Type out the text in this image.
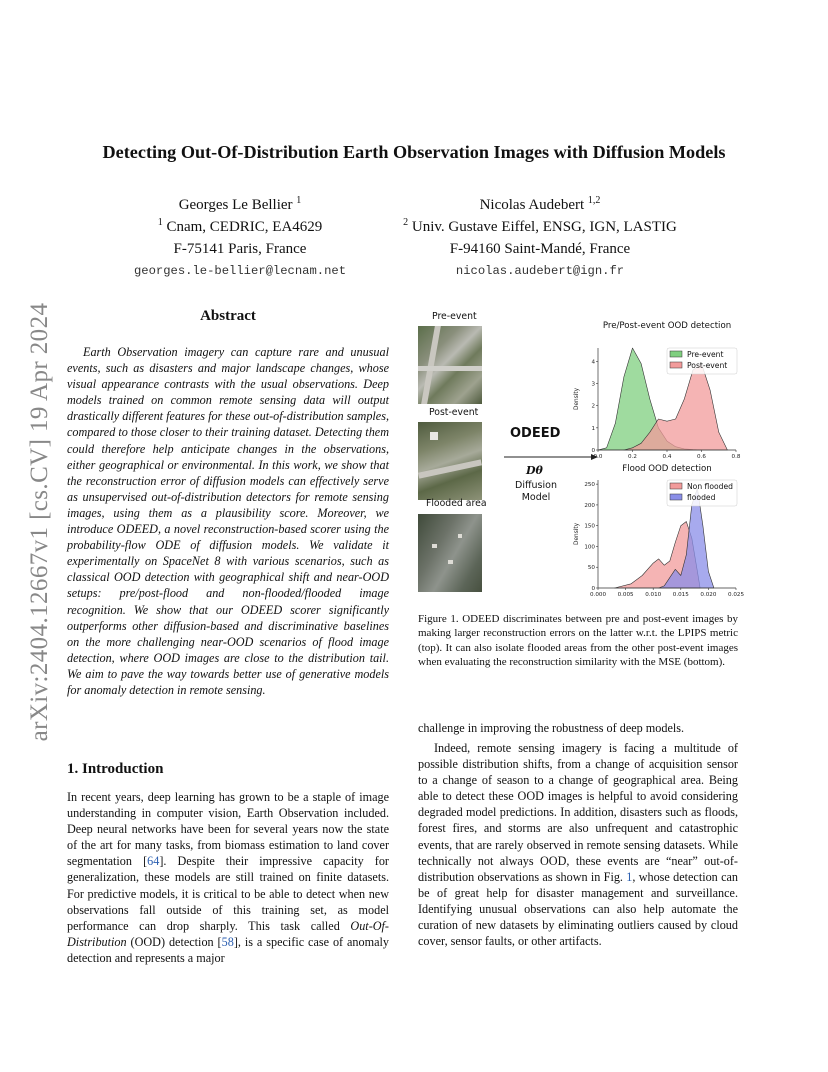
Detecting Out-Of-Distribution Earth Observation Images with Diffusion Models
Georges Le Bellier $^1$
$^1$ Cnam, CEDRIC, EA4629
F-75141 Paris, France
georges.le-bellier@lecnam.net
Nicolas Audebert $^{1,2}$
$^2$ Univ. Gustave Eiffel, ENSG, IGN, LASTIG
F-94160 Saint-Mandé, France
nicolas.audebert@ign.fr
arXiv:2404.12667v1 [cs.CV] 19 Apr 2024	Abstract
Earth Observation imagery can capture rare and unusual events, such as disasters and major landscape changes, whose visual appearance contrasts with the usual observations. Deep models trained on common remote sensing data will output drastically different features for these out-of-distribution samples, compared to those closer to their training dataset. Detecting them could therefore help anticipate changes in the observations, either geographical or environmental. In this work, we show that the reconstruction error of diffusion models can effectively serve as unsupervised out-of-distribution detectors for remote sensing images, using them as a plausibility score. Moreover, we introduce ODEED, a novel reconstruction-based scorer using the probability-flow ODE of diffusion models. We validate it experimentally on SpaceNet 8 with various scenarios, such as classical OOD detection with geographical shift and near-OOD setups: pre/post-flood and non-flooded/flooded image recognition. We show that our ODEED scorer significantly outperforms other diffusion-based and discriminative baselines on the more challenging near-OOD scenarios of flood image detection, where OOD images are close to the distribution tail. We aim to pave the way towards better use of generative models for anomaly detection in remote sensing.
1. Introduction
In recent years, deep learning has grown to be a staple of image understanding in computer vision, Earth Observation included. Deep neural networks have been for several years now the state of the art for many tasks, from biomass estimation to land cover segmentation [64]. Despite their impressive capacity for generalization, these models are still trained on finite datasets. For predictive models, it is critical to be able to detect when new observations fall outside of this training set, as model performance can drop sharply. This task called Out-Of-Distribution (OOD) detection [58], is a specific case of anomaly detection and represents a major
challenge in improving the robustness of deep models.
Indeed, remote sensing imagery is facing a multitude of possible distribution shifts, from a change of acquisition sensor to a change of season to a change of geographical area. Being able to detect these OOD images is helpful to avoid considering degraded model predictions. In addition, disasters such as floods, forest fires, and storms are also unfrequent and catastrophic events, that are rarely observed in remote sensing datasets. While technically not always OOD, these events are “near” out-of-distribution observations as shown in Fig. 1, whose detection can be of great help for disaster management and surveillance. Identifying unusual observations can also help automate the curation of new datasets by eliminating outliers caused by cloud cover, sensor faults, or other artifacts.
Pre-event
Post-event
Flooded area
ODEED
Dθ
Diffusion
Model
Pre/Post-event OOD detection
0.0	0.2	0.4	0.6	0.8
0
1
2
3
4
Density
Pre-event
Post-event
Flood OOD detection
0.000 0.005 0.010 0.015 0.020 0.025
0
50
100
150
200
250
Density
Non flooded
flooded
Figure 1. ODEED discriminates between pre and post-event images by making larger reconstruction errors on the latter w.r.t. the LPIPS metric (top). It can also isolate flooded areas from the other post-event images when evaluating the reconstruction similarity with the MSE (bottom).
